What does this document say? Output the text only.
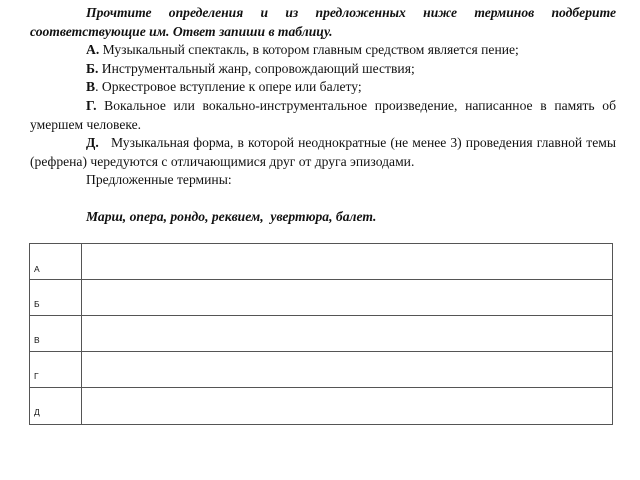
Прочтите определения и из предложенных ниже терминов подберите соответствующие им. Ответ запиши в таблицу.

А. Музыкальный спектакль, в котором главным средством является пение;

Б. Инструментальный жанр, сопровождающий шествия;

В. Оркестровое вступление к опере или балету;

Г. Вокальное или вокально-инструментальное произведение, написанное в память об умершем человеке.

Д.   Музыкальная форма, в которой неоднократные (не менее 3) проведения главной темы (рефрена) чередуются с отличающимися друг от друга эпизодами.

Предложенные термины:

Марш, опера, рондо, реквием,  увертюра, балет.

А	
Б	
В	
Г	
Д	
